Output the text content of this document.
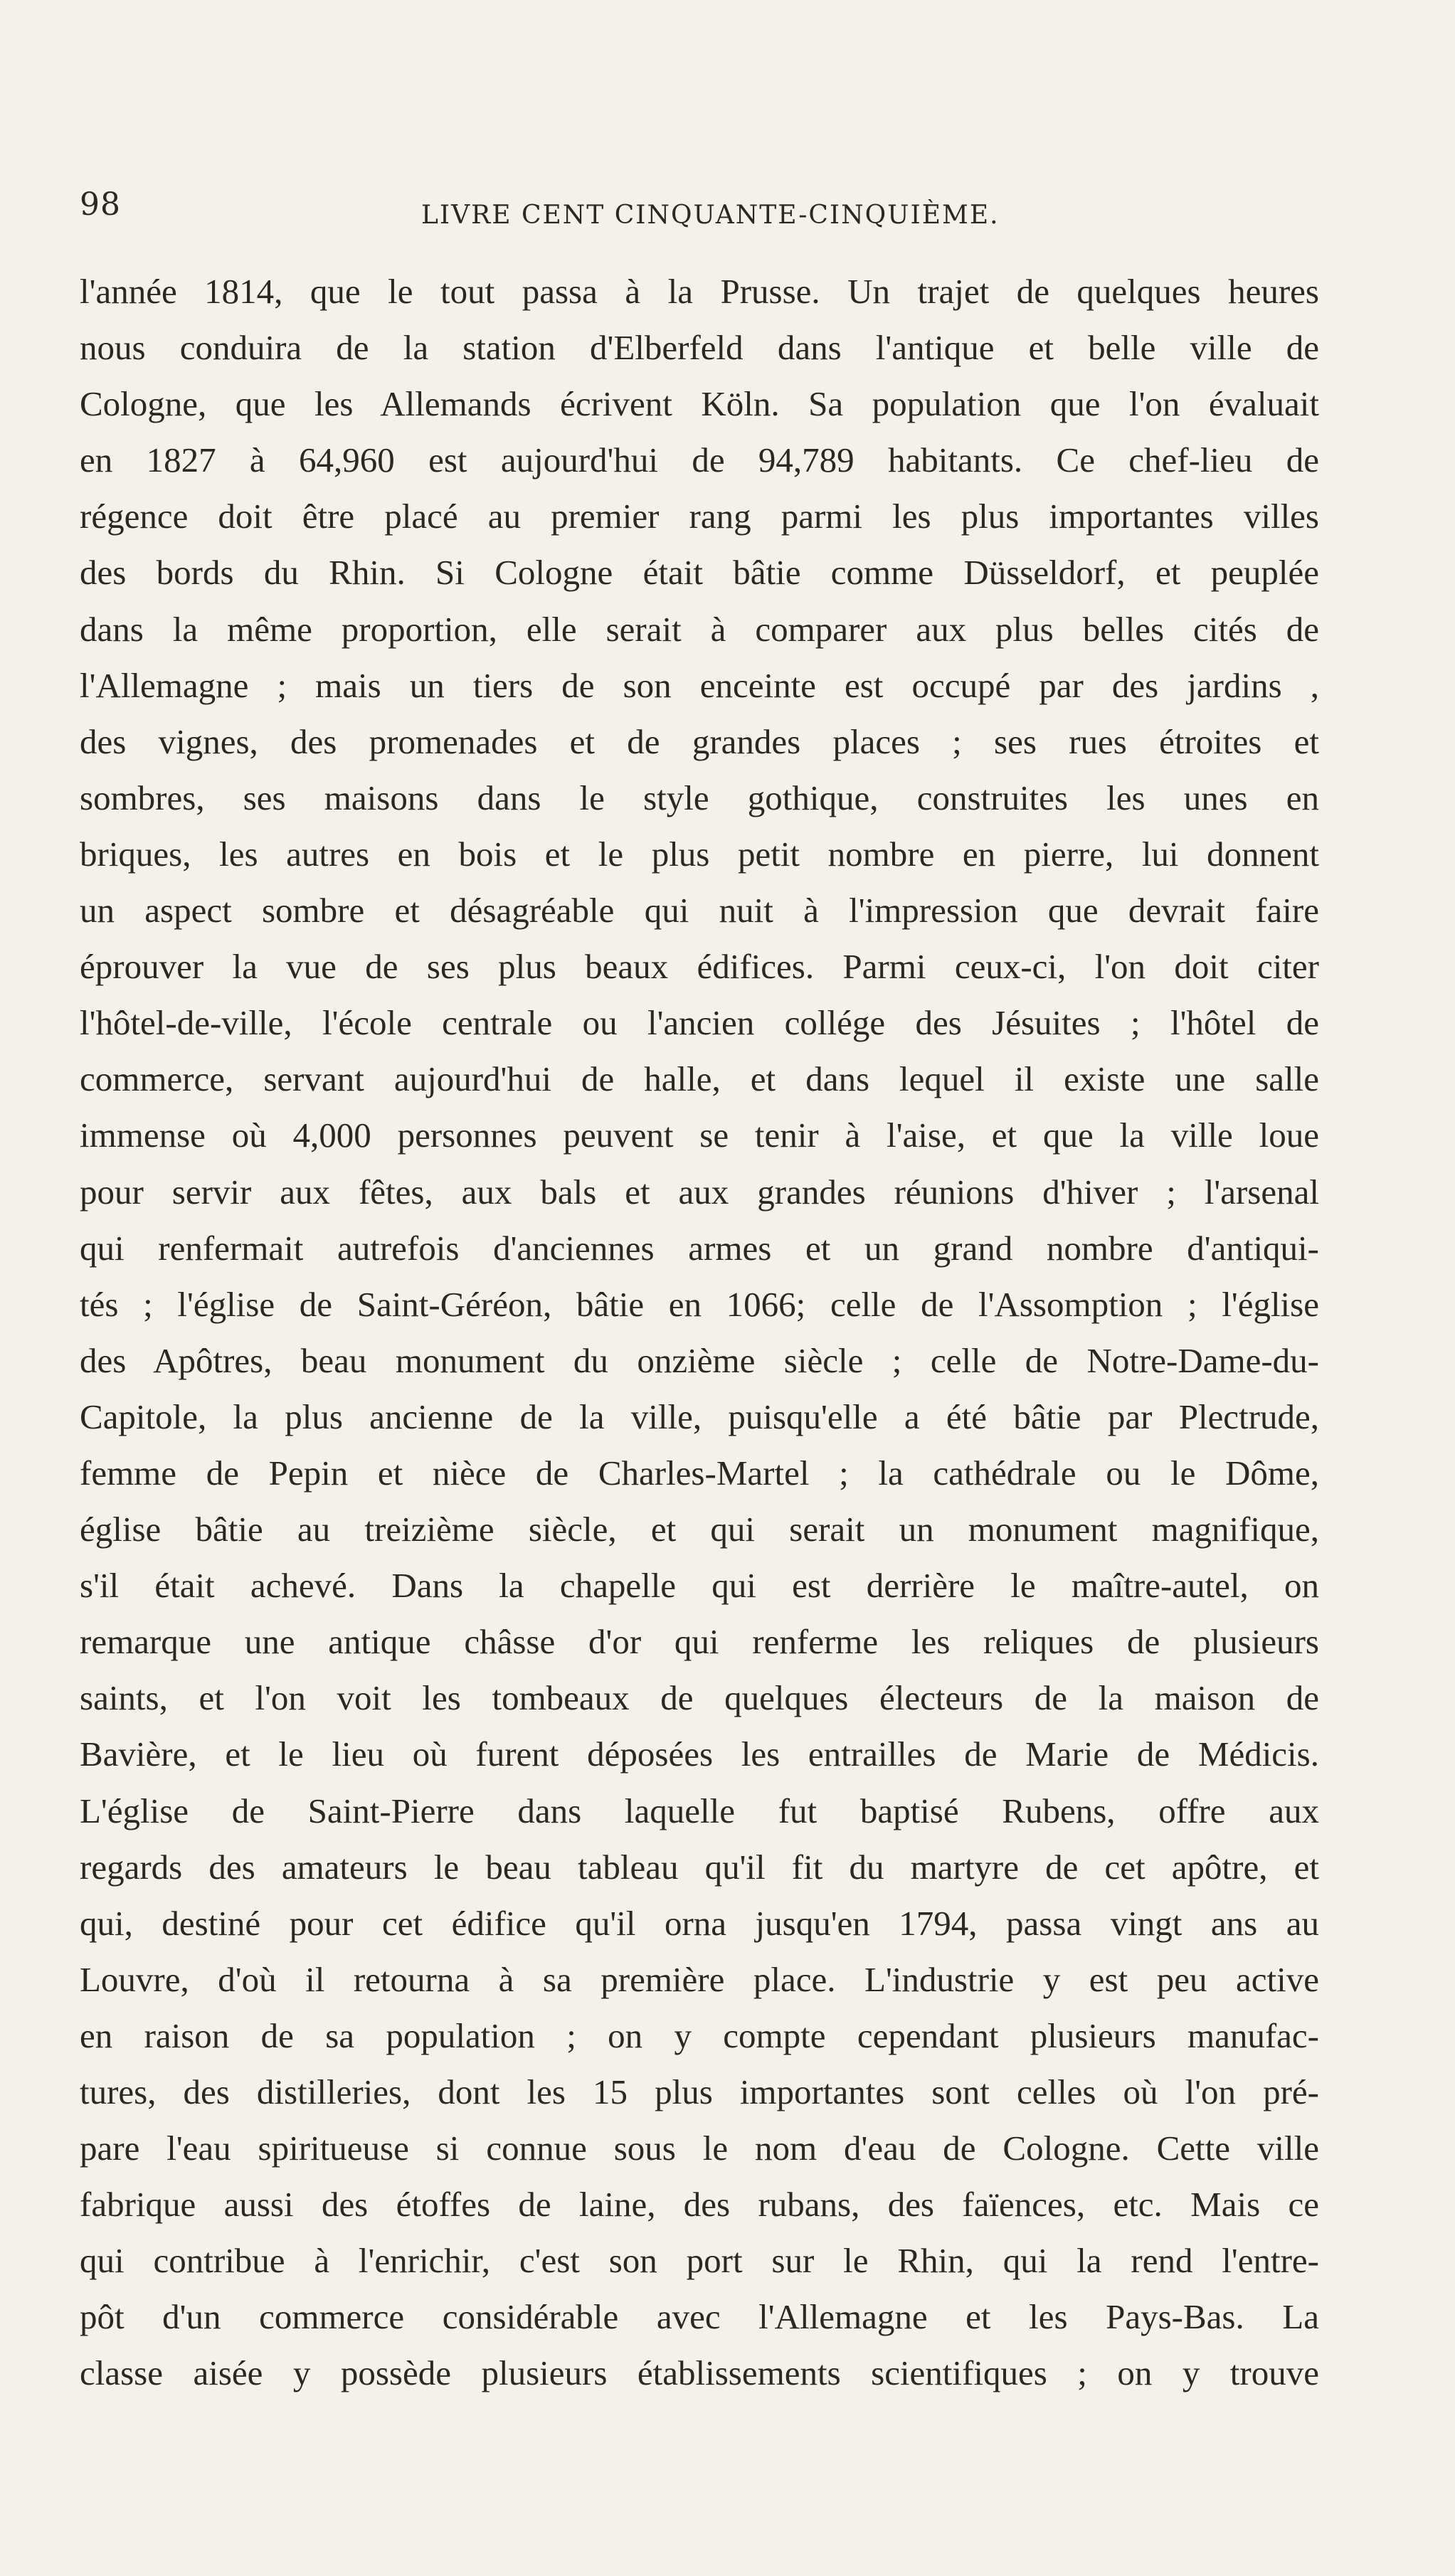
98	LIVRE CENT CINQUANTE-CINQUIÈME.
l'année 1814, que le tout passa à la Prusse. Un trajet de quelques heures
nous conduira de la station d'Elberfeld dans l'antique et belle ville de
Cologne, que les Allemands écrivent Köln. Sa population que l'on évaluait
en 1827 à 64,960 est aujourd'hui de 94,789 habitants. Ce chef-lieu de
régence doit être placé au premier rang parmi les plus importantes villes
des bords du Rhin. Si Cologne était bâtie comme Düsseldorf, et peuplée
dans la même proportion, elle serait à comparer aux plus belles cités de
l'Allemagne ; mais un tiers de son enceinte est occupé par des jardins ,
des vignes, des promenades et de grandes places ; ses rues étroites et
sombres, ses maisons dans le style gothique, construites les unes en
briques, les autres en bois et le plus petit nombre en pierre, lui donnent
un aspect sombre et désagréable qui nuit à l'impression que devrait faire
éprouver la vue de ses plus beaux édifices. Parmi ceux-ci, l'on doit citer
l'hôtel-de-ville, l'école centrale ou l'ancien collége des Jésuites ; l'hôtel de
commerce, servant aujourd'hui de halle, et dans lequel il existe une salle
immense où 4,000 personnes peuvent se tenir à l'aise, et que la ville loue
pour servir aux fêtes, aux bals et aux grandes réunions d'hiver ; l'arsenal
qui renfermait autrefois d'anciennes armes et un grand nombre d'antiqui-
tés ; l'église de Saint-Géréon, bâtie en 1066; celle de l'Assomption ; l'église
des Apôtres, beau monument du onzième siècle ; celle de Notre-Dame-du-
Capitole, la plus ancienne de la ville, puisqu'elle a été bâtie par Plectrude,
femme de Pepin et nièce de Charles-Martel ; la cathédrale ou le Dôme,
église bâtie au treizième siècle, et qui serait un monument magnifique,
s'il était achevé. Dans la chapelle qui est derrière le maître-autel, on
remarque une antique châsse d'or qui renferme les reliques de plusieurs
saints, et l'on voit les tombeaux de quelques électeurs de la maison de
Bavière, et le lieu où furent déposées les entrailles de Marie de Médicis.
L'église de Saint-Pierre dans laquelle fut baptisé Rubens, offre aux
regards des amateurs le beau tableau qu'il fit du martyre de cet apôtre, et
qui, destiné pour cet édifice qu'il orna jusqu'en 1794, passa vingt ans au
Louvre, d'où il retourna à sa première place. L'industrie y est peu active
en raison de sa population ; on y compte cependant plusieurs manufac-
tures, des distilleries, dont les 15 plus importantes sont celles où l'on pré-
pare l'eau spiritueuse si connue sous le nom d'eau de Cologne. Cette ville
fabrique aussi des étoffes de laine, des rubans, des faïences, etc. Mais ce
qui contribue à l'enrichir, c'est son port sur le Rhin, qui la rend l'entre-
pôt d'un commerce considérable avec l'Allemagne et les Pays-Bas. La
classe aisée y possède plusieurs établissements scientifiques ; on y trouve
